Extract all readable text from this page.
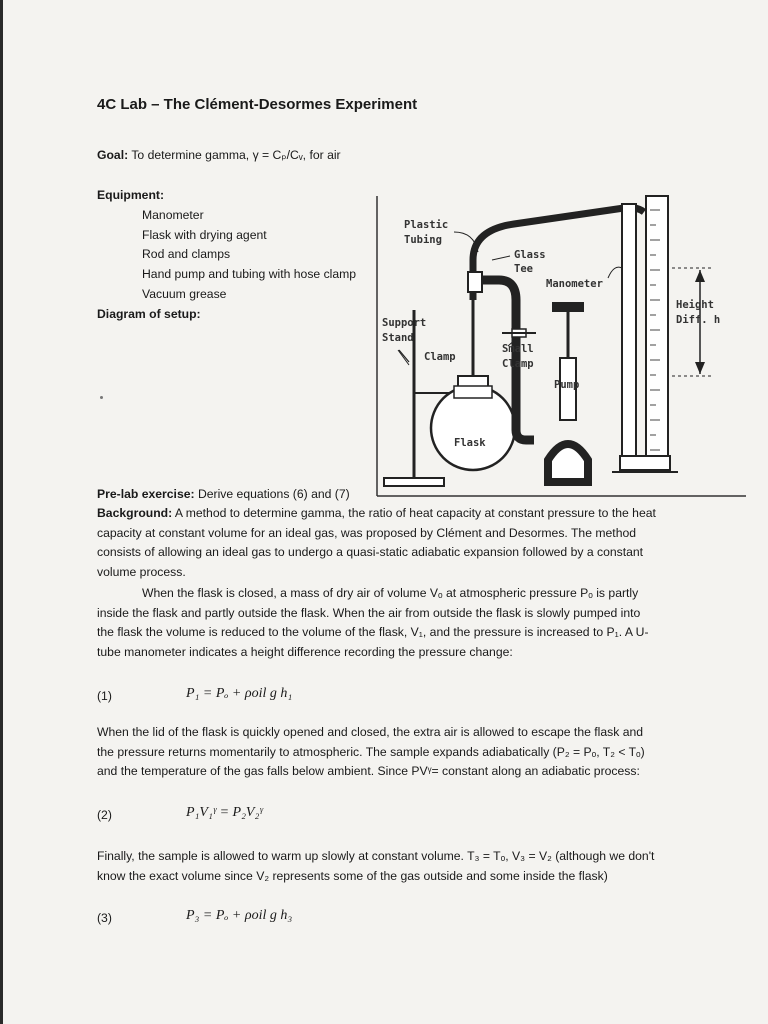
4C Lab – The Clément-Desormes Experiment
Goal: To determine gamma, γ = Cₚ/Cᵥ, for air
Equipment:
Manometer
Flask with drying agent
Rod and clamps
Hand pump and tubing with hose clamp
Vacuum grease
Diagram of setup:
Plastic
Tubing
Glass
Tee
Manometer
Height
Diff. h
Support
Stand
Clamp
Small
Clamp
Pump
Flask
Pre-lab exercise: Derive equations (6) and (7)
Background: A method to determine gamma, the ratio of heat capacity at constant pressure to the heat
capacity at constant volume for an ideal gas, was proposed by Clément and Desormes. The method
consists of allowing an ideal gas to undergo a quasi-static adiabatic expansion followed by a constant
volume process.
When the flask is closed, a mass of dry air of volume Vₒ at atmospheric pressure Pₒ is partly
inside the flask and partly outside the flask. When the air from outside the flask is slowly pumped into
the flask the volume is reduced to the volume of the flask, V₁, and the pressure is increased to P₁. A U-
tube manometer indicates a height difference recording the pressure change:
(1)	P₁ = Pₒ + ρoil g h₁
When the lid of the flask is quickly opened and closed, the extra air is allowed to escape the flask and
the pressure returns momentarily to atmospheric. The sample expands adiabatically (P₂ = Pₒ, T₂ < Tₒ)
and the temperature of the gas falls below ambient. Since PVᵞ= constant along an adiabatic process:
(2)	P₁V₁ᵞ = P₂V₂ᵞ
Finally, the sample is allowed to warm up slowly at constant volume. T₃ = Tₒ, V₃ = V₂ (although we don't
know the exact volume since V₂ represents some of the gas outside and some inside the flask)
(3)	P₃ = Pₒ + ρoil g h₃
